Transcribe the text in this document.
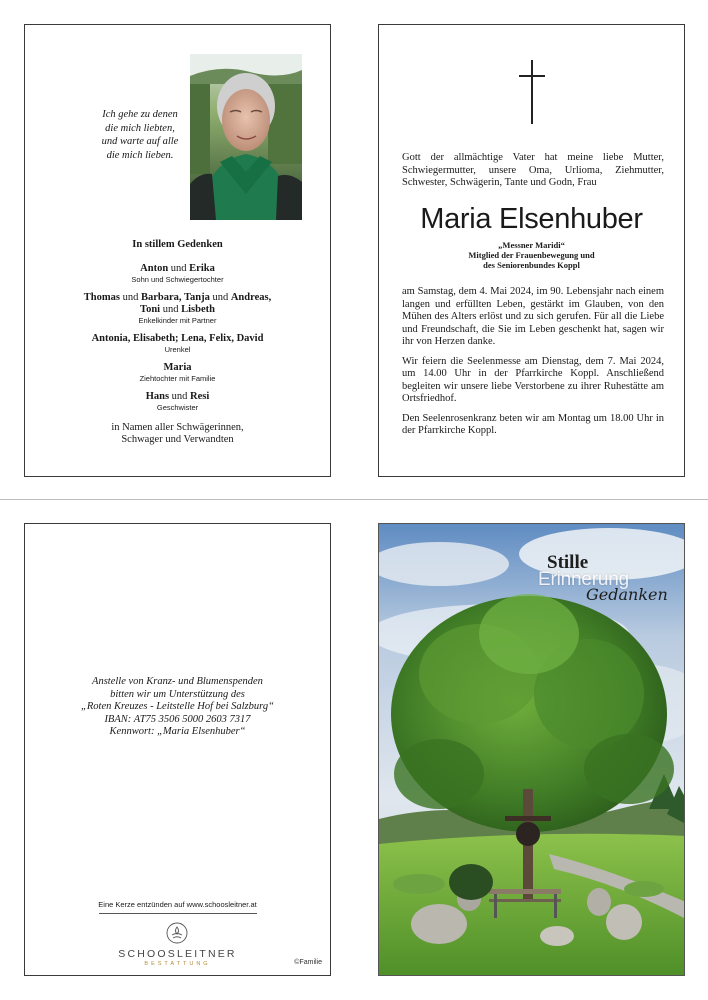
Ich gehe zu denen
die mich liebten,
und warte auf alle
die mich lieben.
In stillem Gedenken
Anton und Erika
Sohn und Schwiegertochter
Thomas und Barbara, Tanja und Andreas,
Toni und Lisbeth
Enkelkinder mit Partner
Antonia, Elisabeth; Lena, Felix, David
Urenkel
Maria
Ziehtochter mit Familie
Hans und Resi
Geschwister
in Namen aller Schwägerinnen,
Schwager und Verwandten
Gott der allmächtige Vater hat meine liebe Mutter,
Schwiegermutter, unsere Oma, Urlioma, Ziehmutter,
Schwester, Schwägerin, Tante und Godn, Frau
Maria Elsenhuber
„Messner Maridi“
Mitglied der Frauenbewegung und
des Seniorenbundes Koppl
am Samstag, dem 4. Mai 2024, im 90. Lebensjahr nach einem
langen und erfüllten Leben, gestärkt im Glauben, von den
Mühen des Alters erlöst und zu sich gerufen. Für all die Liebe
und Freundschaft, die Sie im Leben geschenkt hat, sagen wir
ihr von Herzen danke.
Wir feiern die Seelenmesse am Dienstag, dem 7. Mai 2024,
um 14.00 Uhr in der Pfarrkirche Koppl. Anschließend
begleiten wir unsere liebe Verstorbene zu ihrer Ruhestätte am
Ortsfriedhof.
Den Seelenrosenkranz beten wir am Montag um 18.00 Uhr in
der Pfarrkirche Koppl.
Anstelle von Kranz- und Blumenspenden
bitten wir um Unterstützung des
„Roten Kreuzes - Leitstelle Hof bei Salzburg“
IBAN: AT75 3506 5000 2603 7317
Kennwort: „Maria Elsenhuber“
Eine Kerze entzünden auf www.schoosleitner.at
SCHOOSLEITNER
BESTATTUNG	©Familie
Stille
Erinnerung
Gedanken
